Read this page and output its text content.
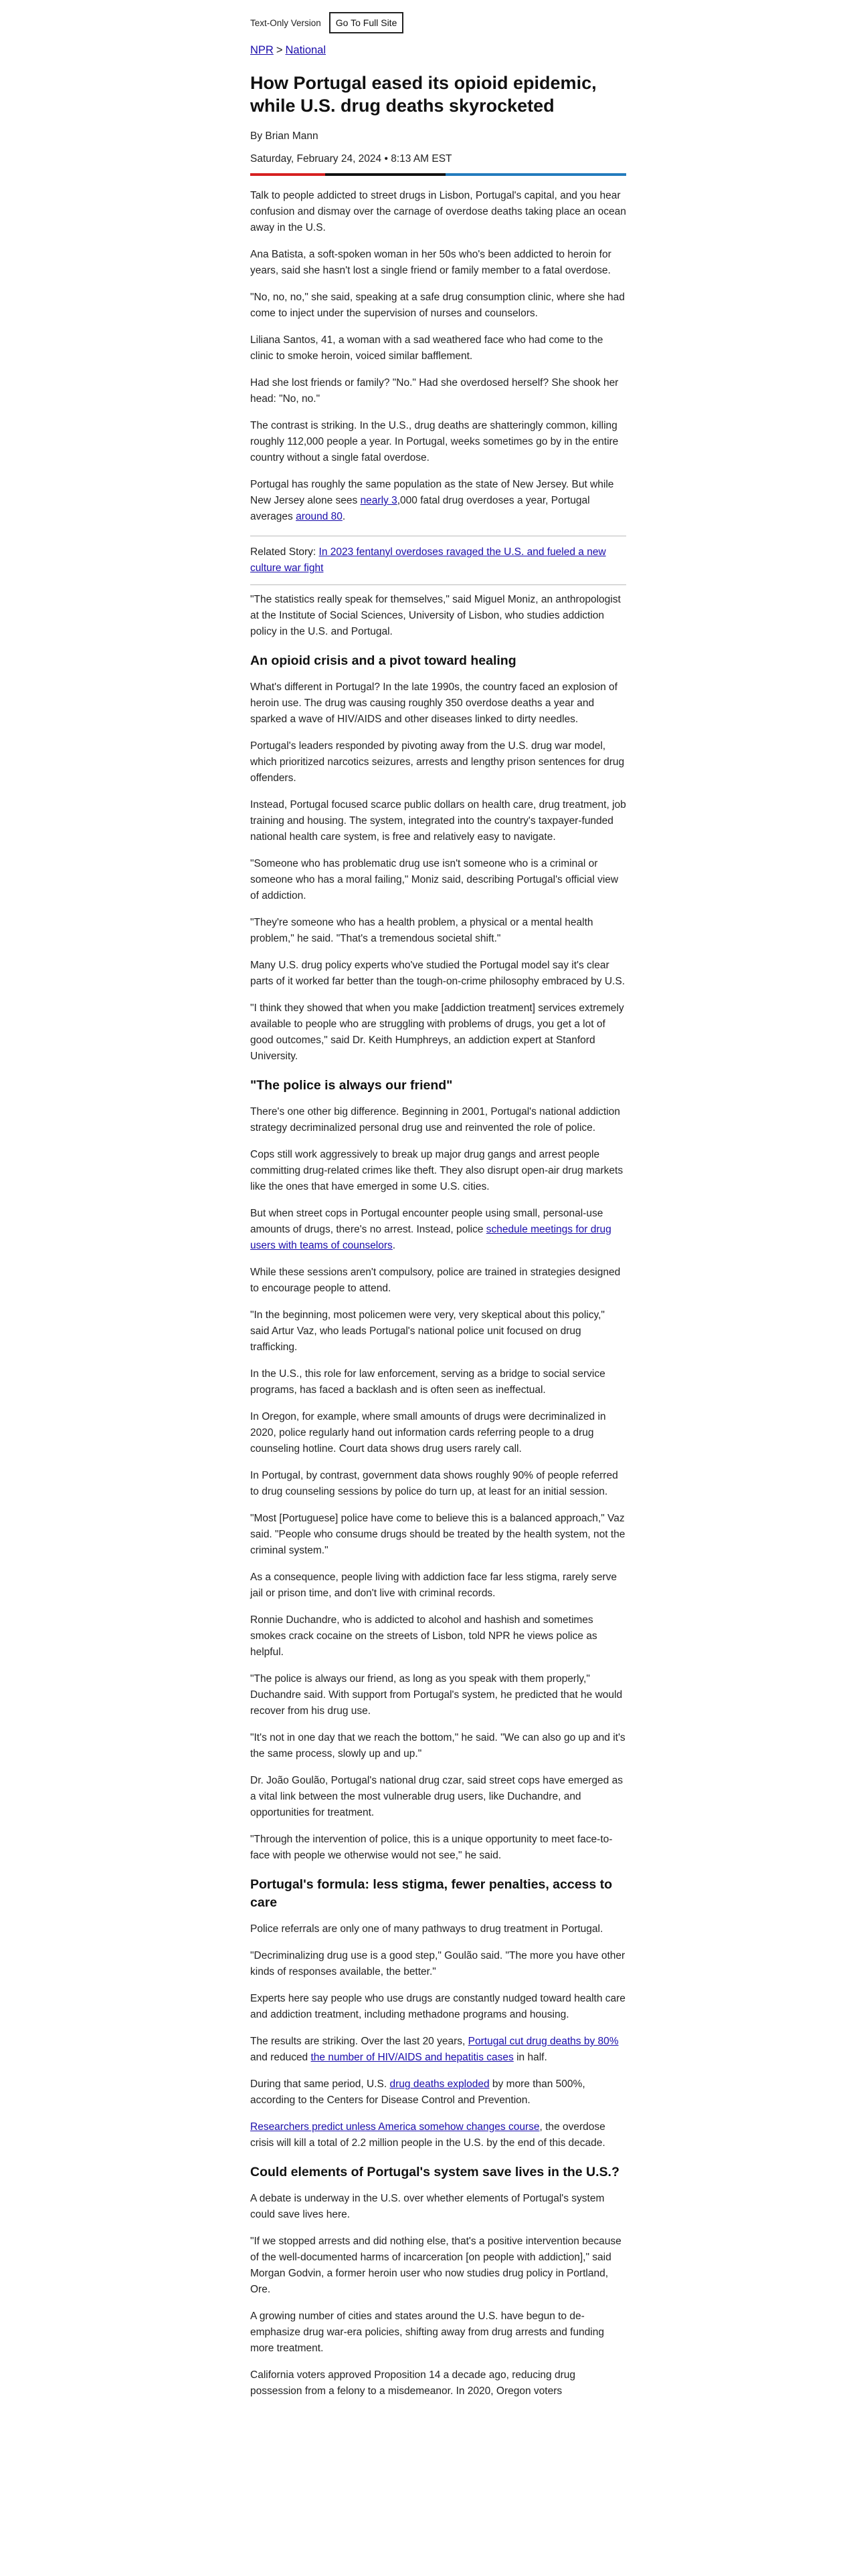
Text-Only Version	Go To Full Site
NPR > National
How Portugal eased its opioid epidemic, while U.S. drug deaths skyrocketed
By Brian Mann
Saturday, February 24, 2024 • 8:13 AM EST

Talk to people addicted to street drugs in Lisbon, Portugal's capital, and you hear confusion and dismay over the carnage of overdose deaths taking place an ocean away in the U.S.

Ana Batista, a soft-spoken woman in her 50s who's been addicted to heroin for years, said she hasn't lost a single friend or family member to a fatal overdose.

"No, no, no," she said, speaking at a safe drug consumption clinic, where she had come to inject under the supervision of nurses and counselors.

Liliana Santos, 41, a woman with a sad weathered face who had come to the clinic to smoke heroin, voiced similar bafflement.

Had she lost friends or family? "No." Had she overdosed herself? She shook her head: "No, no."

The contrast is striking. In the U.S., drug deaths are shatteringly common, killing roughly 112,000 people a year. In Portugal, weeks sometimes go by in the entire country without a single fatal overdose.

Portugal has roughly the same population as the state of New Jersey. But while New Jersey alone sees nearly 3,000 fatal drug overdoses a year, Portugal averages around 80.

Related Story: In 2023 fentanyl overdoses ravaged the U.S. and fueled a new culture war fight

"The statistics really speak for themselves," said Miguel Moniz, an anthropologist at the Institute of Social Sciences, University of Lisbon, who studies addiction policy in the U.S. and Portugal.

An opioid crisis and a pivot toward healing

What's different in Portugal? In the late 1990s, the country faced an explosion of heroin use. The drug was causing roughly 350 overdose deaths a year and sparked a wave of HIV/AIDS and other diseases linked to dirty needles.

Portugal's leaders responded by pivoting away from the U.S. drug war model, which prioritized narcotics seizures, arrests and lengthy prison sentences for drug offenders.

Instead, Portugal focused scarce public dollars on health care, drug treatment, job training and housing. The system, integrated into the country's taxpayer-funded national health care system, is free and relatively easy to navigate.

"Someone who has problematic drug use isn't someone who is a criminal or someone who has a moral failing," Moniz said, describing Portugal's official view of addiction.

"They're someone who has a health problem, a physical or a mental health problem," he said. "That's a tremendous societal shift."

Many U.S. drug policy experts who've studied the Portugal model say it's clear parts of it worked far better than the tough-on-crime philosophy embraced by U.S.

"I think they showed that when you make [addiction treatment] services extremely available to people who are struggling with problems of drugs, you get a lot of good outcomes," said Dr. Keith Humphreys, an addiction expert at Stanford University.

"The police is always our friend"

There's one other big difference. Beginning in 2001, Portugal's national addiction strategy decriminalized personal drug use and reinvented the role of police.

Cops still work aggressively to break up major drug gangs and arrest people committing drug-related crimes like theft. They also disrupt open-air drug markets like the ones that have emerged in some U.S. cities.

But when street cops in Portugal encounter people using small, personal-use amounts of drugs, there's no arrest. Instead, police schedule meetings for drug users with teams of counselors.

While these sessions aren't compulsory, police are trained in strategies designed to encourage people to attend.

"In the beginning, most policemen were very, very skeptical about this policy," said Artur Vaz, who leads Portugal's national police unit focused on drug trafficking.

In the U.S., this role for law enforcement, serving as a bridge to social service programs, has faced a backlash and is often seen as ineffectual.

In Oregon, for example, where small amounts of drugs were decriminalized in 2020, police regularly hand out information cards referring people to a drug counseling hotline. Court data shows drug users rarely call.

In Portugal, by contrast, government data shows roughly 90% of people referred to drug counseling sessions by police do turn up, at least for an initial session.

"Most [Portuguese] police have come to believe this is a balanced approach," Vaz said. "People who consume drugs should be treated by the health system, not the criminal system."

As a consequence, people living with addiction face far less stigma, rarely serve jail or prison time, and don't live with criminal records.

Ronnie Duchandre, who is addicted to alcohol and hashish and sometimes smokes crack cocaine on the streets of Lisbon, told NPR he views police as helpful.

"The police is always our friend, as long as you speak with them properly," Duchandre said. With support from Portugal's system, he predicted that he would recover from his drug use.

"It's not in one day that we reach the bottom," he said. "We can also go up and it's the same process, slowly up and up."

Dr. João Goulão, Portugal's national drug czar, said street cops have emerged as a vital link between the most vulnerable drug users, like Duchandre, and opportunities for treatment.

"Through the intervention of police, this is a unique opportunity to meet face-to-face with people we otherwise would not see," he said.

Portugal's formula: less stigma, fewer penalties, access to care

Police referrals are only one of many pathways to drug treatment in Portugal.

"Decriminalizing drug use is a good step," Goulão said. "The more you have other kinds of responses available, the better."

Experts here say people who use drugs are constantly nudged toward health care and addiction treatment, including methadone programs and housing.

The results are striking. Over the last 20 years, Portugal cut drug deaths by 80% and reduced the number of HIV/AIDS and hepatitis cases in half.

During that same period, U.S. drug deaths exploded by more than 500%, according to the Centers for Disease Control and Prevention.

Researchers predict unless America somehow changes course, the overdose crisis will kill a total of 2.2 million people in the U.S. by the end of this decade.

Could elements of Portugal's system save lives in the U.S.?

A debate is underway in the U.S. over whether elements of Portugal's system could save lives here.

"If we stopped arrests and did nothing else, that's a positive intervention because of the well-documented harms of incarceration [on people with addiction]," said Morgan Godvin, a former heroin user who now studies drug policy in Portland, Ore.

A growing number of cities and states around the U.S. have begun to de-emphasize drug war-era policies, shifting away from drug arrests and funding more treatment.

California voters approved Proposition 14 a decade ago, reducing drug possession from a felony to a misdemeanor. In 2020, Oregon voters
